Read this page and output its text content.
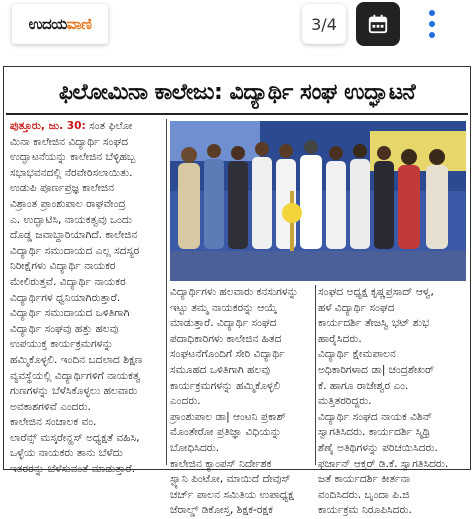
ಉದಯವಾಣಿ	3/4
ಫಿಲೋಮಿನಾ ಕಾಲೇಜು: ವಿದ್ಯಾರ್ಥಿ ಸಂಘ ಉದ್ಘಾಟನೆ
ಪುತ್ತೂರು, ಜು. 30: ಸಂತ ಫಿಲೋ
ಮಿನಾ ಕಾಲೇಜಿನ ವಿದ್ಯಾರ್ಥಿ ಸಂಘದ
ಉದ್ಘಾಟನೆಯನ್ನು ಕಾಲೇಜಿನ ಬೆಳ್ಳಿಹಬ್ಬ
ಸಭಾಭವನದಲ್ಲಿ ನೆರವೇರಿಸಲಾಯಿತು.
ಉಡುಪಿ ಪೂರ್ಣಪ್ರಜ್ಞ ಕಾಲೇಜಿನ
ವಿಶ್ರಾಂತ ಪ್ರಾಂಶುಪಾಲ ರಾಘವೇಂದ್ರ
ಎ. ಉದ್ಘಾಟಿಸಿ, ನಾಯಕತ್ವವು ಒಂದು
ದೊಡ್ಡ ಜವಾಬ್ದಾರಿಯಾಗಿದೆ. ಕಾಲೇಜಿನ
ವಿದ್ಯಾರ್ಥಿ ಸಮುದಾಯದ ಎಲ್ಲ ಸದಸ್ಯರ
ನಿರೀಕ್ಷೆಗಳು ವಿದ್ಯಾರ್ಥಿ ನಾಯಕರ
ಮೇಲಿರುತ್ತವೆ. ವಿದ್ಯಾರ್ಥಿ ನಾಯಕರ
ವಿದ್ಯಾರ್ಥಿಗಳ ಧ್ವನಿಯಾಗಿರುತ್ತಾರೆ.
ವಿದ್ಯಾರ್ಥಿ ಸಮುದಾಯದ ಒಳಿತಿಗಾಗಿ
ವಿದ್ಯಾರ್ಥಿ ಸಂಘವು ಹತ್ತು ಹಲವು
ಉಪಯುಕ್ತ ಕಾರ್ಯಕ್ರಮಗಳನ್ನು
ಹಮ್ಮಿಕೊಳ್ಳಲಿ. ಇಂದಿನ ಬದಲಾದ ಶಿಕ್ಷಣ
ವ್ಯವಸ್ಥೆಯಲ್ಲಿ ವಿದ್ಯಾರ್ಥಿಗಳಿಗೆ ನಾಯಕತ್ವ
ಗುಣಗಳನ್ನು ಬೆಳೆಸಿಕೊಳ್ಳಲು ಹಲವಾರು
ಅವಕಾಶಗಳಿವೆ ಎಂದರು.
ಕಾಲೇಜಿನ ಸಂಚಾಲಕ ವಂ.
ಲಾರೆನ್ಸ್ ಮಸ್ಕರೇನ್ಹಸ್ ಅಧ್ಯಕ್ಷತೆ ವಹಿಸಿ,
ಒಳ್ಳೆಯ ನಾಯಕರು ತಾನು ಬೆಳೆದು
ಇತರರನ್ನು ಬೆಳೆಸುವಂತೆ ಮಾಡುತ್ತಾರೆ.
ವಿದ್ಯಾರ್ಥಿಗಳು ಹಲವಾರು ಕನಸುಗಳನ್ನು
ಇಟ್ಟು ತಮ್ಮ ನಾಯಕರನ್ನು ಆಯ್ಕೆ
ಮಾಡುತ್ತಾರೆ. ವಿದ್ಯಾರ್ಥಿ ಸಂಘದ
ಪದಾಧಿಕಾರಿಗಳು ಕಾಲೇಜಿನ ಹಿತದ
ಸಂಘಟನೆಗೊಂದಿಗೆ ಸೇರಿ ವಿದ್ಯಾರ್ಥಿ
ಸಮೂಹದ ಒಳಿತಿಗಾಗಿ ಹಲವು
ಕಾರ್ಯಕ್ರಮಗಳನ್ನು ಹಮ್ಮಿಕೊಳ್ಳಲಿ
ಎಂದರು.
ಪ್ರಾಂಶುಪಾಲ ಡಾ| ಆಂಟನಿ ಪ್ರಕಾಶ್
ಮೊಂತೇರೋ ಪ್ರತಿಜ್ಞಾ ವಿಧಿಯನ್ನು
ಬೋಧಿಸಿದರು.
ಕಾಲೇಜಿನ ಕ್ಯಾಂಪಸ್ ನಿರ್ದೇಶಕ
ಸ್ಟ್ಯಾನಿ ಪಿಂಟೋ, ಮಾಯಿದೆ ದೇವುಸ್
ಚರ್ಚ್ ಪಾಲನ ಸಮಿತಿಯ ಉಪಾಧ್ಯಕ್ಷ
ಜೆರಾಲ್ಡ್ ಡಿಕೋಸ್ತ, ಶಿಕ್ಷಕ-ರಕ್ಷಕ
ಸಂಘದ ಅಧ್ಯಕ್ಷ ಕೃಷ್ಣಪ್ರಸಾದ್ ಆಳ್ವ,
ಹಳೆ ವಿದ್ಯಾರ್ಥಿ ಸಂಘದ
ಕಾರ್ಯದರ್ಶಿ ತೇಜಸ್ವಿ ಭಟ್ ಶುಭ
ಹಾರೈಸಿದರು.
ವಿದ್ಯಾರ್ಥಿ ಕ್ಷೇಮಪಾಲನ
ಅಧಿಕಾರಿಗಳಾದ ಡಾ| ಚಂದ್ರಶೇಖರ್
ಕೆ. ಹಾಗೂ ರಾಜೇಶ್ವರ ಎಂ.
ಮತ್ತಿತರರಿದ್ದರು.
ವಿದ್ಯಾರ್ಥಿ ಸಂಘದ ನಾಯಕ ವಿಶಿನ್
ಸ್ವಾಗತಿಸಿದರು. ಕಾರ್ಯದರ್ಶಿ ಸ್ಮಿಥ್ರಿ
ಶೆಣೈ ಅತಿಥಿಗಳನ್ನು ಪರಿಚಯಿಸಿದರು.
ಫರ್ಜಾನ್ ಆಕ್ತರ್ ಡಿ.ಕೆ. ಸ್ವಾಗತಿಸಿದರು.
ಜತೆ ಕಾರ್ಯದರ್ಶಿ ಕೀರ್ತನಾ
ವಂದಿಸಿದರು. ಬೃಂದಾ ಪಿ.ಜಿ
ಕಾರ್ಯಕ್ರಮ ನಿರೂಪಿಸಿದರು.
